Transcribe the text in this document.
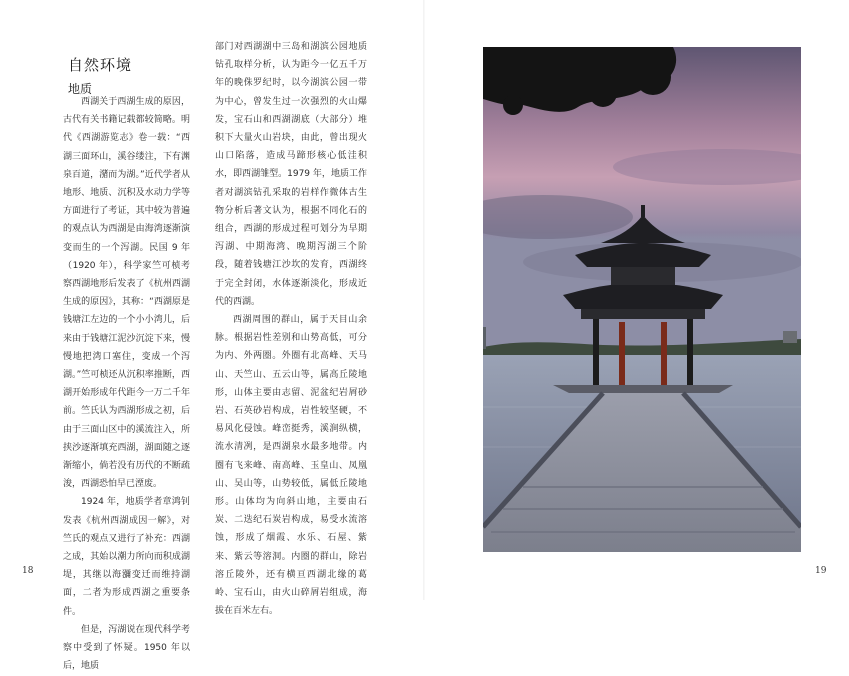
自然环境
地质

西湖关于西湖生成的原因，古代有关书籍记载都较简略。明代《西湖游览志》卷一载：“西湖三面环山，溪谷缕注，下有渊泉百道，潴而为湖。”近代学者从地形、地质、沉积及水动力学等方面进行了考证，其中较为普遍的观点认为西湖是由海湾逐渐演变而生的一个泻湖。民国 9 年（1920 年），科学家竺可桢考察西湖地形后发表了《杭州西湖生成的原因》，其称：“西湖原是钱塘江左边的一个小小湾儿，后来由于钱塘江泥沙沉淀下来，慢慢地把湾口塞住，变成一个泻湖。”竺可桢还从沉积率推断，西湖开始形成年代距今一万二千年前。竺氏认为西湖形成之初，后由于三面山区中的溪流注入，所挟沙逐渐填充西湖，湖面随之逐渐缩小，倘若没有历代的不断疏浚，西湖恐怕早已湮废。

1924 年，地质学者章鸿钊发表《杭州西湖成因一解》，对竺氏的观点又进行了补充：西湖之成，其始以潮力所向而积成湖堤，其继以海瀰变迁而维持湖面，二者为形成西湖之重要条件。

但是，泻湖说在现代科学考察中受到了怀疑。1950 年以后，地质

部门对西湖湖中三岛和湖滨公园地质钻孔取样分析，认为距今一亿五千万年的晚侏罗纪时，以今湖滨公园一带为中心，曾发生过一次强烈的火山爆发，宝石山和西湖湖底（大部分）堆积下大量火山岩块，由此，曾出现火山口陷落，造成马蹄形核心低洼积水，即西湖雏型。1979 年，地质工作者对湖滨钻孔采取的岩样作微体古生物分析后著文认为，根据不同化石的组合，西湖的形成过程可划分为早期泻湖、中期海湾、晚期泻湖三个阶段，随着钱塘江沙坎的发育，西湖终于完全封闭，水体逐渐淡化，形成近代的西湖。

西湖周围的群山，属于天目山余脉。根据岩性差别和山势高低，可分为内、外两圈。外圈有北高峰、天马山、天竺山、五云山等，属高丘陵地形，山体主要由志留、泥盆纪岩屑砂岩、石英砂岩构成，岩性较坚硬，不易风化侵蚀。峰峦挺秀，溪涧纵横，流水清冽，是西湖泉水最多地带。内圈有飞来峰、南高峰、玉皇山、凤凰山、吴山等，山势较低，属低丘陵地形。山体均为向斜山地，主要由石炭、二迭纪石炭岩构成，易受水流溶蚀，形成了烟霞、水乐、石屋、紫来、紫云等溶洞。内圈的群山，除岩溶丘陵外，还有横亘西湖北缘的葛岭、宝石山，由火山碎屑岩组成，海拔在百米左右。

18	19
